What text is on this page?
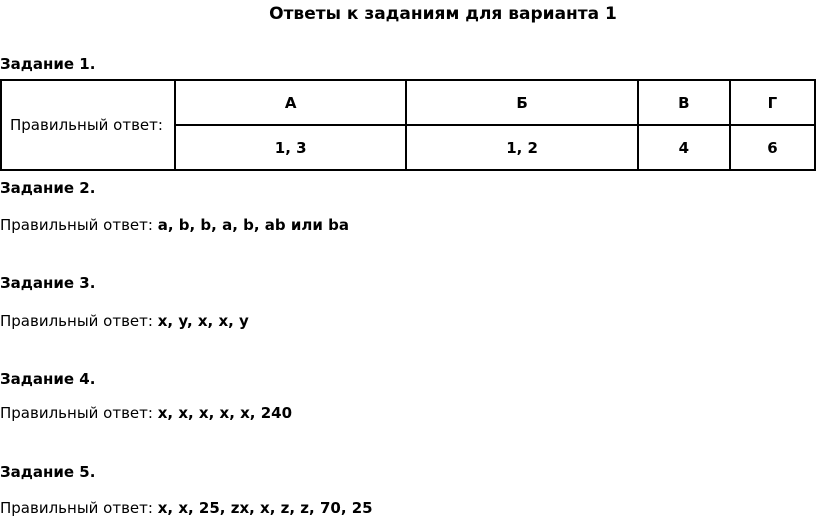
Ответы к заданиям для варианта 1
Задание 1.
Правильный ответ:	А	Б	В	Г
	1, 3	1, 2	4	6
Задание 2.
Правильный ответ: a, b, b, a, b, ab или ba
Задание 3.
Правильный ответ: x, y, x, x, y
Задание 4.
Правильный ответ: x, x, x, x, x, 240
Задание 5.
Правильный ответ: x, x, 25, zx, x, z, z, 70, 25
